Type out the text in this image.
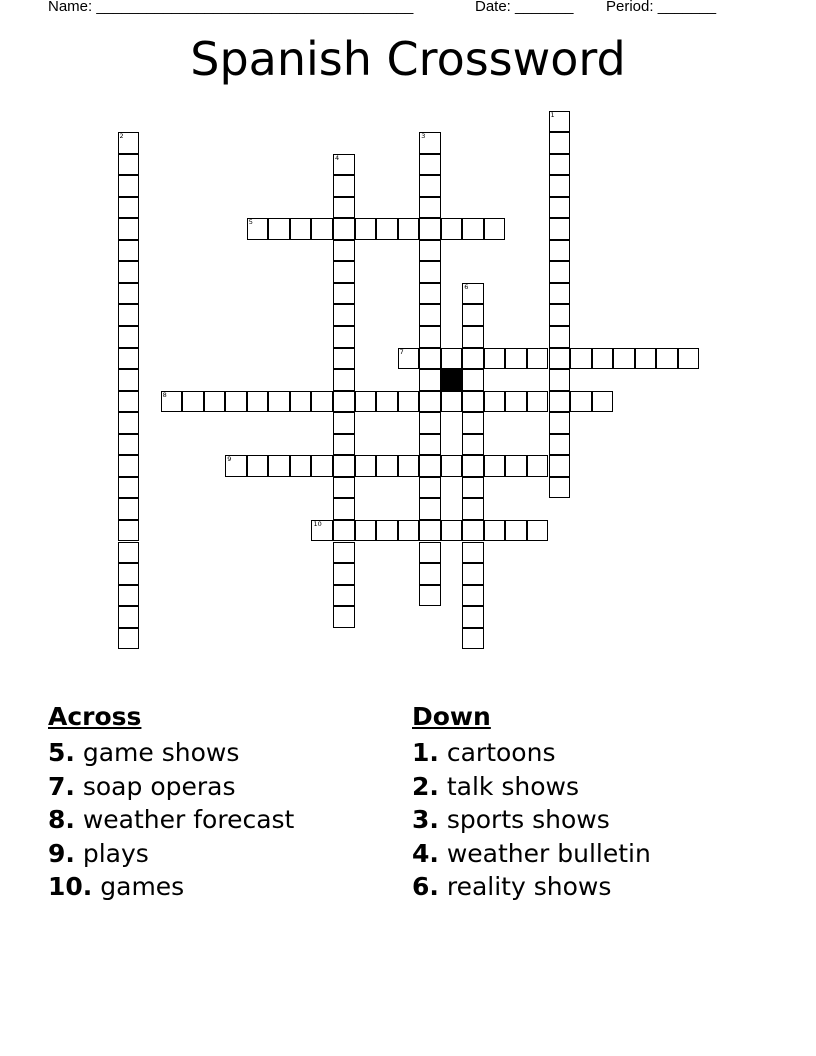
Name: ______________________________________

	Date: _______

Period: _______

Spanish Crossword
1
2	3
4
5
6
7
8
9
10
Across
5. game shows
7. soap operas
8. weather forecast
9. plays
10. games
Down
1. cartoons
2. talk shows
3. sports shows
4. weather bulletin
6. reality shows
